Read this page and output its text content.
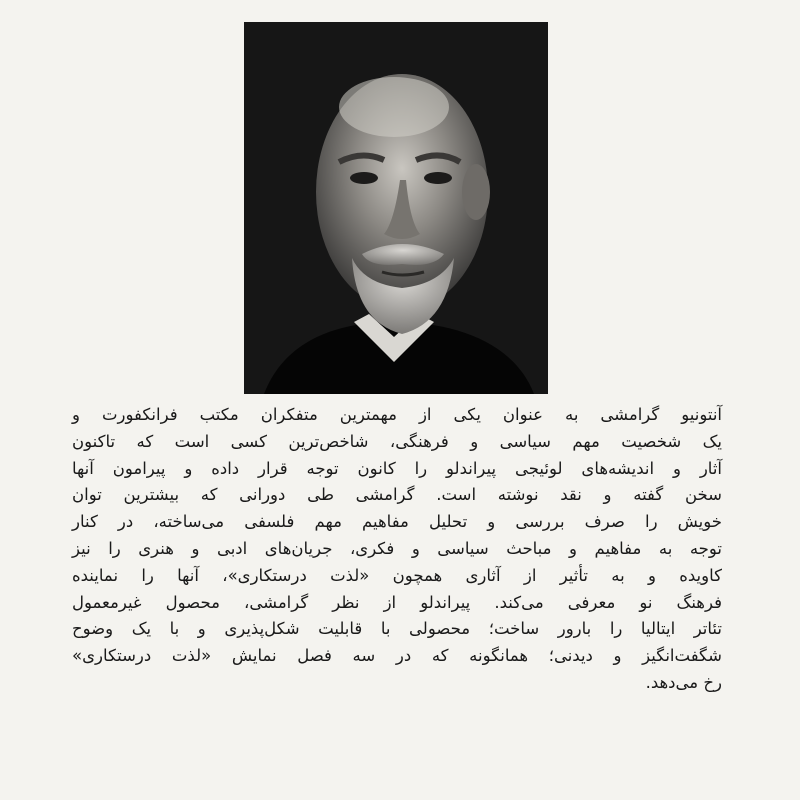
آنتونیو گرامشی به عنوان یکی از مهمترین متفکران مکتب فرانکفورت و
یک شخصیت مهم سیاسی و فرهنگی، شاخص‌ترین کسی است که تاکنون
آثار و اندیشه‌های لوئیجی پیراندلو را کانون توجه قرار داده و پیرامون آنها
سخن گفته و نقد نوشته است. گرامشی طی دورانی که بیشترین توان
خویش را صرف بررسی و تحلیل مفاهیم مهم فلسفی می‌ساخته، در کنار
توجه به مفاهیم و مباحث سیاسی و فکری، جریان‌های ادبی و هنری را نیز
کاویده و به تأثیر از آثاری همچون «لذت درستکاری»، آنها را نماینده
فرهنگ نو معرفی می‌کند. پیراندلو از نظر گرامشی، محصول غیرمعمول
تئاتر ایتالیا را بارور ساخت؛ محصولی با قابلیت شکل‌پذیری و با یک وضوح
شگفت‌انگیز و دیدنی؛ همانگونه که در سه فصل نمایش «لذت درستکاری»
رخ می‌دهد.
